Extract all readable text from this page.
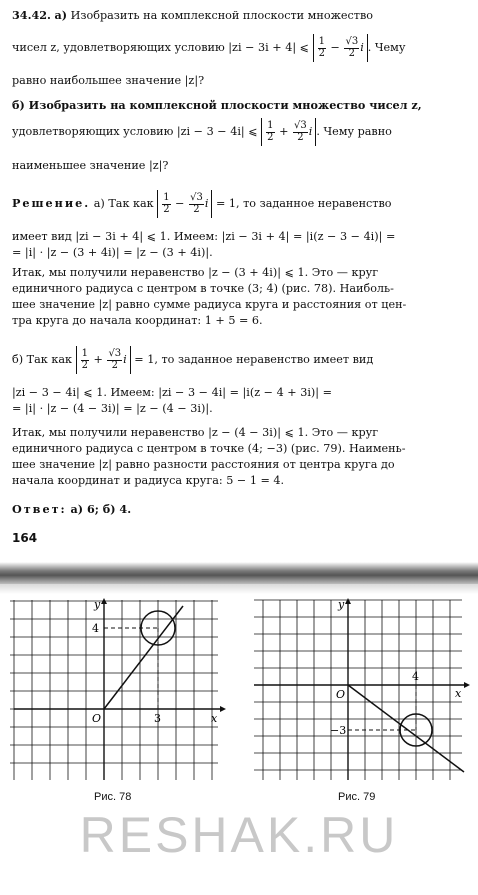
34.42. а) Изобразить на комплексной плоскости множество
чисел z, удовлетворяющих условию |zi − 3i + 4| ⩽ $\frac{1}{2} - \frac{√3}{2}$ i . Чему
равно наибольшее значение |z|?
б) Изобразить на комплексной плоскости множество чисел z,
удовлетворяющих условию |zi − 3 − 4i| ⩽ $\frac{1}{2} + \frac{√3}{2}$ i . Чему равно
наименьшее значение |z|?
Решение. а) Так как $\frac{1}{2} - \frac{√3}{2}$ i = 1, то заданное неравенство
имеет вид |zi − 3i + 4| ⩽ 1. Имеем: |zi − 3i + 4| = |i(z − 3 − 4i)| =
= |i| · |z − (3 + 4i)| = |z − (3 + 4i)|.
Итак, мы получили неравенство |z − (3 + 4i)| ⩽ 1. Это — круг
единичного радиуса с центром в точке (3; 4) (рис. 78). Наиболь-
шее значение |z| равно сумме радиуса круга и расстояния от цен-
тра круга до начала координат: 1 + 5 = 6.
б) Так как $\frac{1}{2} + \frac{√3}{2}$ i = 1, то заданное неравенство имеет вид
|zi − 3 − 4i| ⩽ 1. Имеем: |zi − 3 − 4i| = |i(z − 4 + 3i)| =
= |i| · |z − (4 − 3i)| = |z − (4 − 3i)|.
Итак, мы получили неравенство |z − (4 − 3i)| ⩽ 1. Это — круг
единичного радиуса с центром в точке (4; −3) (рис. 79). Наимень-
шее значение |z| равно разности расстояния от центра круга до
начала координат и радиуса круга: 5 − 1 = 4.
Ответ: а) 6; б) 4.
164
y
x
O	3
4
Рис. 78
y
x
O
4
−3
Рис. 79
RESHAK.RU
